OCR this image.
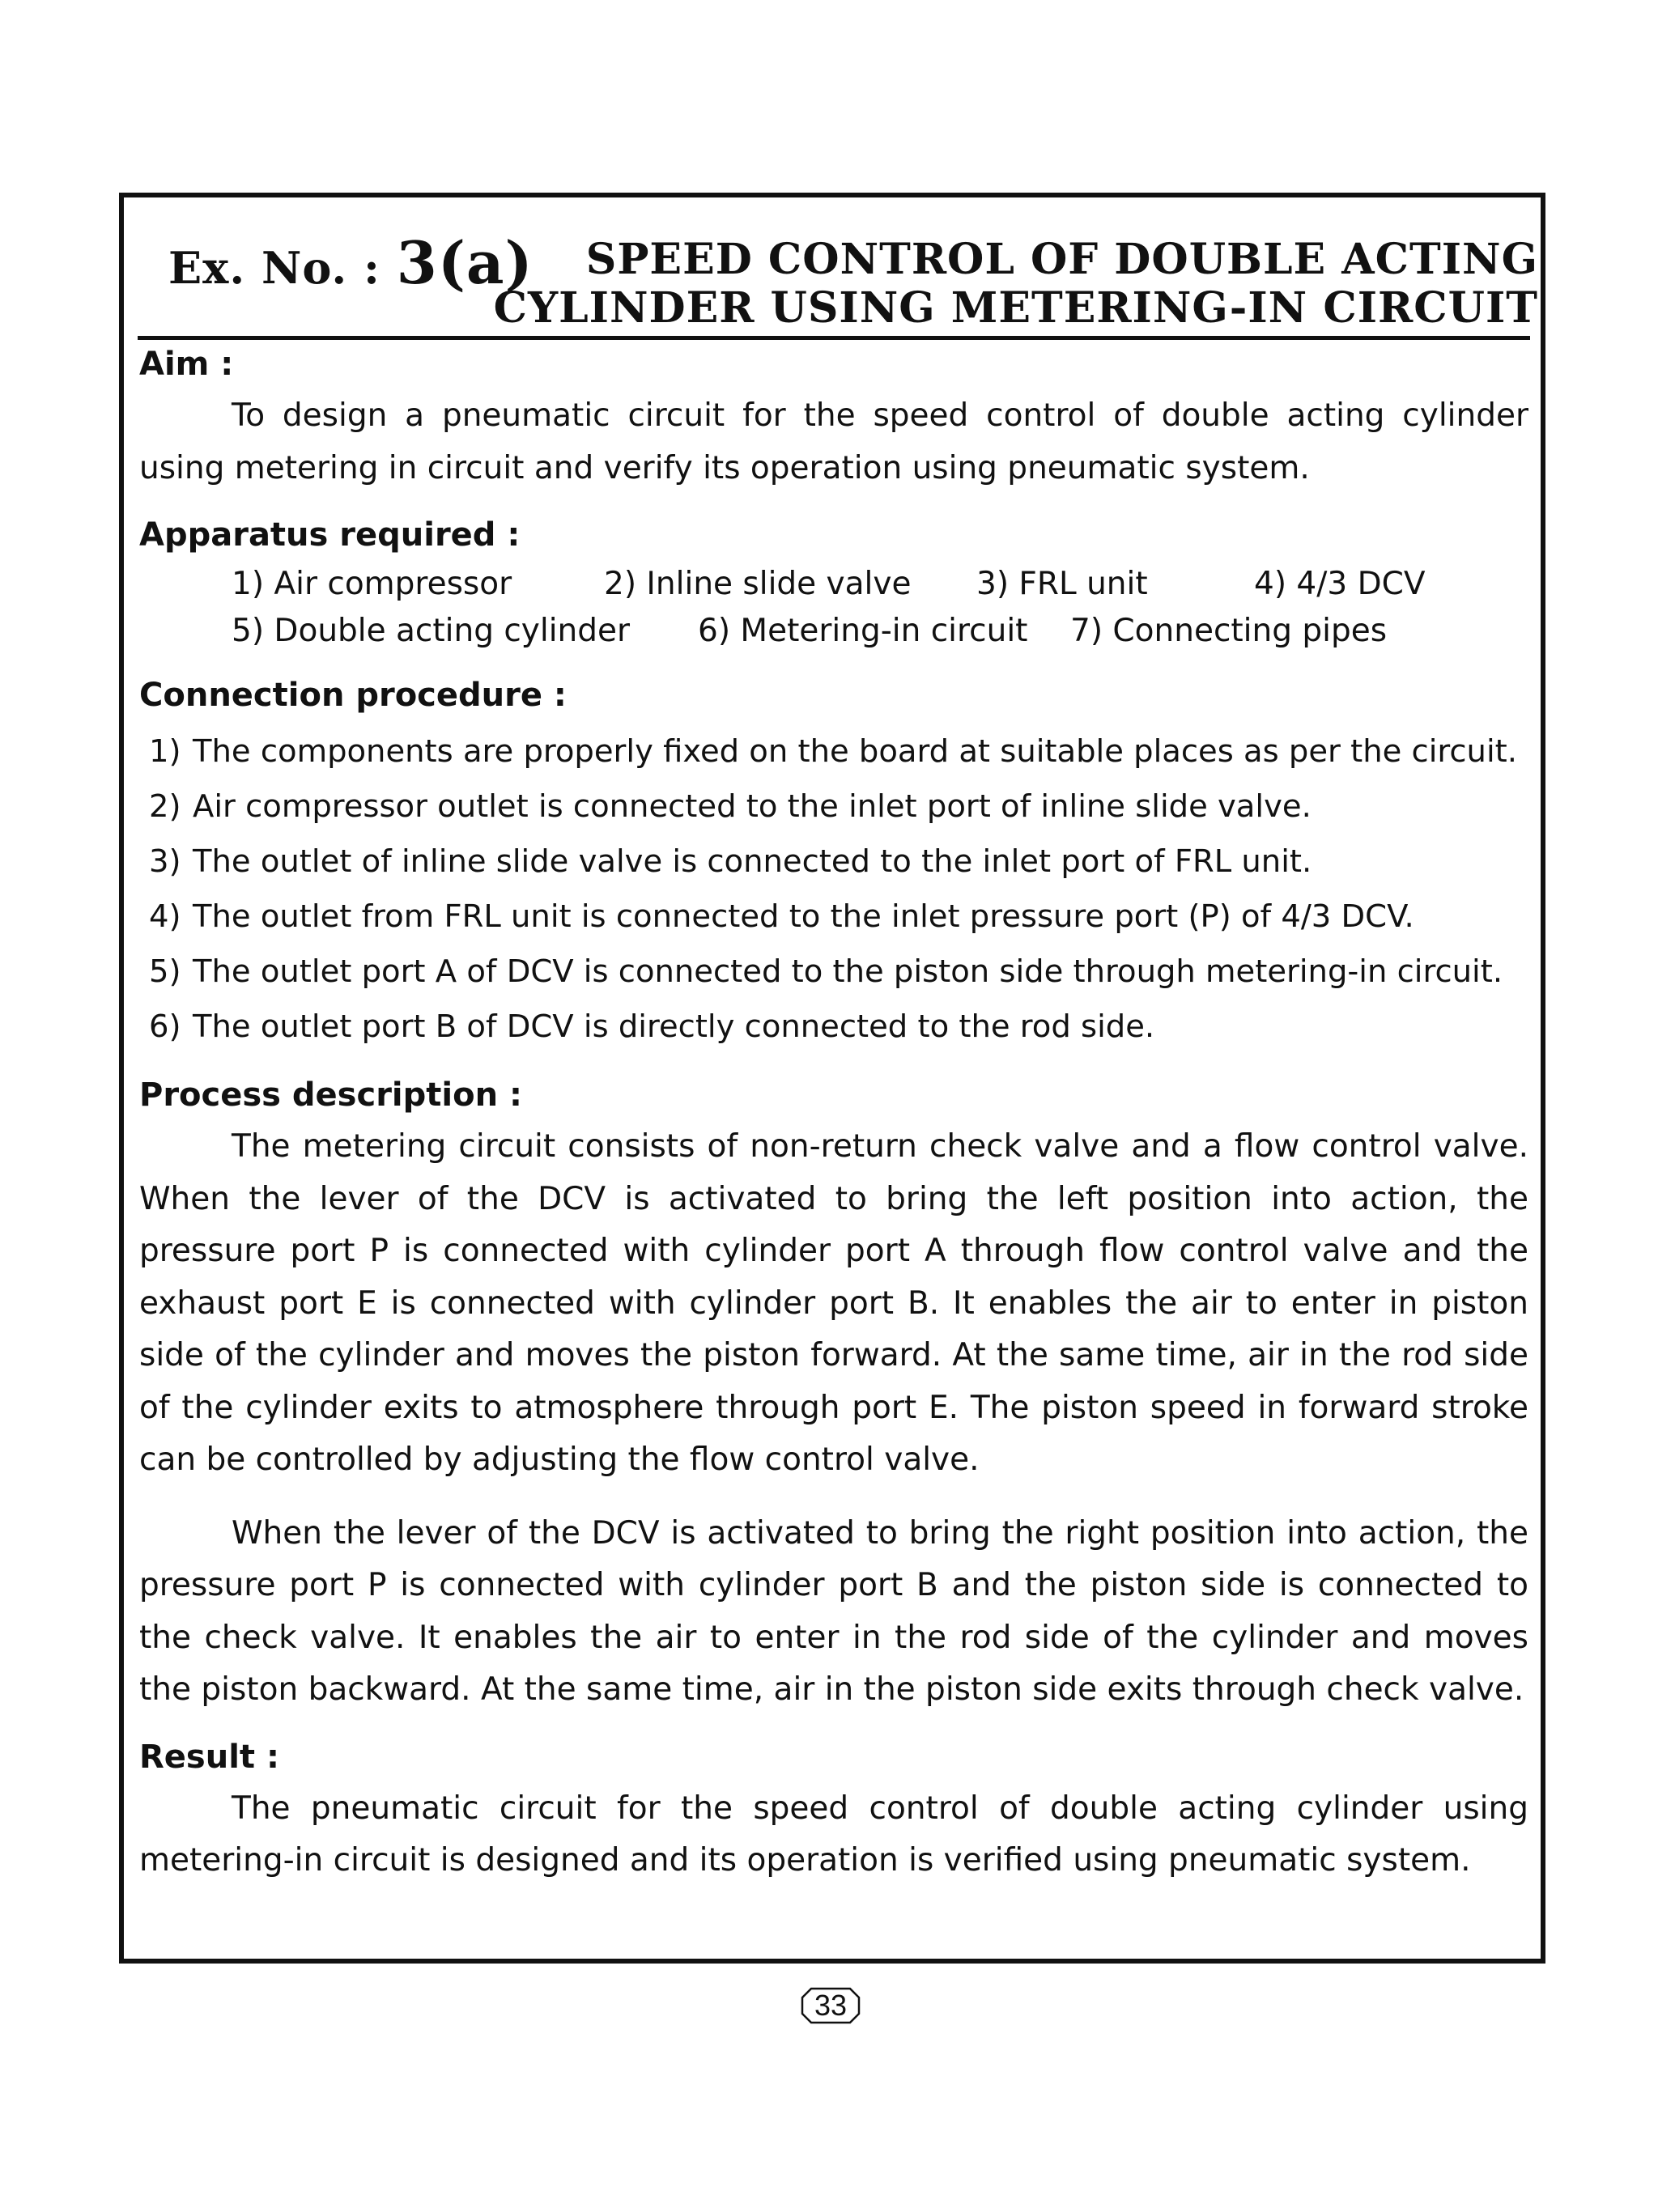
Ex. No. : 3(a) SPEED CONTROL OF DOUBLE ACTING
CYLINDER USING METERING-IN CIRCUIT

Aim :

To design a pneumatic circuit for the speed control of double acting cylinder using metering in circuit and verify its operation using pneumatic system.

Apparatus required :

1) Air compressor	2) Inline slide valve	3) FRL unit	4) 4/3 DCV
5) Double acting cylinder	6) Metering-in circuit	7) Connecting pipes

Connection procedure :

1) The components are properly fixed on the board at suitable places as per the circuit.
2) Air compressor outlet is connected to the inlet port of inline slide valve.
3) The outlet of inline slide valve is connected to the inlet port of FRL unit.
4) The outlet from FRL unit is connected to the inlet pressure port (P) of 4/3 DCV.
5) The outlet port A of DCV is connected to the piston side through metering-in circuit.
6) The outlet port B of DCV is directly connected to the rod side.

Process description :

The metering circuit consists of non-return check valve and a flow control valve. When the lever of the DCV is activated to bring the left position into action, the pressure port P is connected with cylinder port A through flow control valve and the exhaust port E is connected with cylinder port B. It enables the air to enter in piston side of the cylinder and moves the piston forward. At the same time, air in the rod side of the cylinder exits to atmosphere through port E. The piston speed in forward stroke can be controlled by adjusting the flow control valve.

When the lever of the DCV is activated to bring the right position into action, the pressure port P is connected with cylinder port B and the piston side is connected to the check valve. It enables the air to enter in the rod side of the cylinder and moves the piston backward. At the same time, air in the piston side exits through check valve.

Result :

The pneumatic circuit for the speed control of double acting cylinder using metering-in circuit is designed and its operation is verified using pneumatic system.

33
